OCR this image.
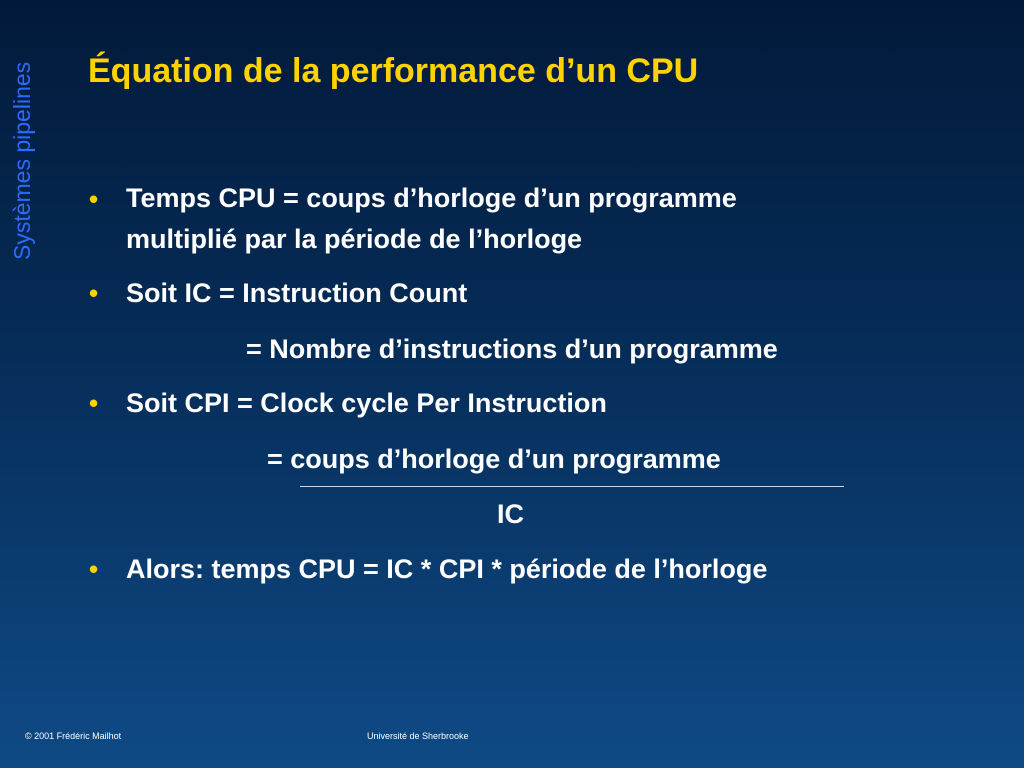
Systèmes pipelines Équation de la performance d’un CPU
• Temps CPU = coups d’horloge d’un programme
multiplié par la période de l’horloge
• Soit IC = Instruction Count
= Nombre d’instructions d’un programme
• Soit CPI = Clock cycle Per Instruction
= coups d’horloge d’un programme
IC
• Alors: temps CPU = IC * CPI * période de l’horloge
© 2001 Frédéric Mailhot	Université de Sherbrooke
